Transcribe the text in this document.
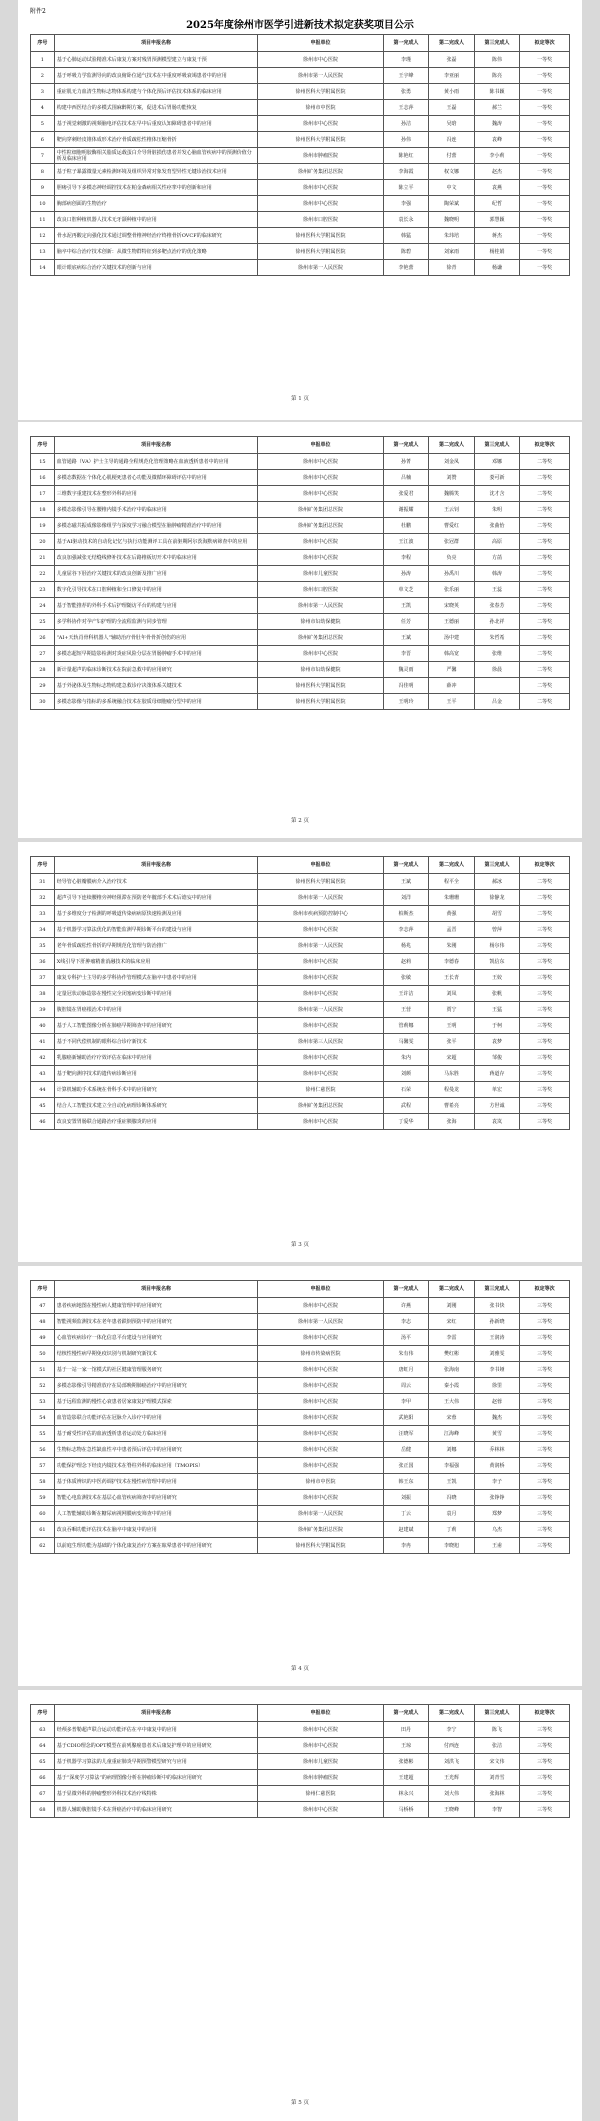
附件2
2025年度徐州市医学引进新技术拟定获奖项目公示
序号	项目申报名称	申报单位	第一完成人	第二完成人	第三完成人	拟定等次
1	基于心肺运动试验精准术后康复方案对残胃预测模型建立与康复干预	徐州市中心医院	李瑾	张磊	陈伟	一等奖
2	基于呼吸力学监测导向的改良俯卧位通气技术在中重度呼吸衰竭患者中的应用	徐州市第一人民医院	王宇峰	李亚丽	陈亮	一等奖
3	重症肌无力血清生物标志物体系构建与个体化预后评估技术体系的临床应用	徐州医科大学附属医院	张勇	黄小雨	陈书颖	一等奖
4	构建中西医结合的多模式围麻醉期方案，促进术后胃肠功能恢复	徐州市中医院	王志萍	王磊	郝兰	一等奖
5	基于视觉刺激的视频脑电评估技术在早中后重度认知障碍患者中的应用	徐州市中心医院	孙洁	吴晗	魏涛	一等奖
6	靶向穿刺经皮锥体成形术治疗骨质疏松性椎体压缩骨折	徐州医科大学附属医院	孙伟	冯连	袁峰	一等奖
7	中性粒细胞明胶酶相关脂质运载蛋白介导肾脏损伤患者并发心脑血管疾病中的预测价值分析及临床应用	徐州市肿瘤医院	陈艳红	付蕾	李小莉	一等奖
8	基于粒子暴露微量元素检测环境及组织异常对象发育型异性无键诊治技术应用	徐州矿务集团总医院	李海霞	权文娜	赵杰	一等奖
9	胆瘘引导下多模态神经调控技术在帕金森病相关性痉挛中的创新和应用	徐州市中心医院	陈立平	中文	袁燕	一等奖
10	胸部病创面的生物治疗	徐州市中心医院	李强	陶荣斌	纪哲	一等奖
11	改良口腔种植机器人技术无牙颌种植中的应用	徐州市口腔医院	袁长永	魏晓明	郭慧颖	一等奖
12	骨水泥再酸定向强化技术通过调整骨椎神经治疗终椎骨折OVCF的临床研究	徐州医科大学附属医院	韩猛	朱玮培	蒋杰	一等奖
13	脑卒中综合治疗技术创新：从微生物群特征到多靶点治疗的优化策略	徐州医科大学附属医院	陈碧	刘家雨	杨桂娟	一等奖
14	眼计眼底病综合治疗关键技术的创新与应用	徐州市第一人民医院	李艳蕾	徐青	杨谦	一等奖
第 1 页
序号	项目申报名称	申报单位	第一完成人	第二完成人	第三完成人	拟定等次
15	血管通路（VA）护士主导的通路全程规范化管理策略在血液透析患者中的应用	徐州市中心医院	孙菁	刘金凤	邓娜	二等奖
16	多模态数据在个体化心肌梗死患者心功能及微循环障碍评估中的应用	徐州市中心医院	吕楠	刘赞	娄可新	二等奖
17	三维数字重建技术在整形外科的应用	徐州市中心医院	张爱君	魏腾笑	沈才含	二等奖
18	多模态影像引导在腰椎内镜手术治疗中的临床应用	徐州矿务集团总医院	谢振耀	王云钊	朱明	二等奖
19	多模态磁共振成像影像组学与深度学习融合模型在脑肿瘤精准治疗中的应用	徐州矿务集团总医院	杜鹏	曹爱红	张曲怡	二等奖
20	基于AI驱动技术的自动化记忆与执行功能测评工具在前驱期阿尔茨海默病筛查中的应用	徐州市中心医院	王江波	张冠群	高原	二等奖
21	改良加强减张无结缝线修补技术在后路椎板切开术中的临床应用	徐州市中心医院	李程	负亮	方菡	二等奖
22	儿童屈谷下胫治疗关键技术的改良创新及推广应用	徐州市儿童医院	孙涛	孙禹川	韩涛	二等奖
23	数字化引导技术在口腔种植和全口修复中的应用	徐州市口腔医院	单文芝	张乐丽	王蕊	二等奖
24	基于智能推荐的外科手术后护理随访平台的构建与应用	徐州市第一人民医院	王凯	宋晓英	张春芳	二等奖
25	多学科协作对孕产妇护理的全流程监测与同步管理	徐州市妇幼保健院	任芳	王德丽	孙北祥	二等奖
26	“AI+天轨肖骨科机器人”辅助治疗骨肚年骨骨折创伤的应用	徐州矿务集团总医院	王斌	汤中建	朱哲希	二等奖
27	多模态超短早期造影检测对炎症风险分层在胃肠肿瘤手术中的应用	徐州市中心医院	李晋	韩高宽	张维	二等奖
28	新计量超声的临床诊断技术在院前急救中的应用研究	徐州市妇幼保健院	魏灵雨	严馨	徐晨	二等奖
29	基于外泌体及生物标志物构建急救诊疗决策体系关键技术	徐州医科大学附属医院	冯佳明	薛冲		二等奖
30	多模态影像与指标的多系统融合技术在胶质母细胞瘤分型中的应用	徐州医科大学附属医院	王明玲	王平	吕金	二等奖
第 2 页
序号	项目申报名称	申报单位	第一完成人	第二完成人	第三完成人	拟定等次
31	经导管心脏瓣膜病介入治疗技术	徐州医科大学附属医院	王斌	程平全	郝冰	二等奖
32	超声引导下连续腰椎旁神经阻滞在预防老年髋部手术术后谵妄中的应用	徐州市第一人民医院	刘洋	朱珊珊	徐静龙	二等奖
33	基于多维度分子检测的呼吸道传染病病原快速检测及应用	徐州市疾病预防控制中心	柏斯杰	黄强	胡雪	二等奖
34	基于机器学习算法优化的智能监测早期诊断平台的建设与应用	徐州市中心医院	李志萍	孟晋	曾萍	三等奖
35	老年骨质疏松性骨折的早期规范化管理与防治推广	徐州市第一人民医院	杨兆	朱刚	杨尔伟	三等奖
36	X线引导下肝肿瘤精准消融技术的临床应用	徐州市中心医院	赵莉	李德春	凯信东	三等奖
37	康复专科护士主导的多学科协作管理模式在脑卒中患者中的应用	徐州市中心医院	张敏	王长青	王姣	三等奖
38	定量冠状动脉造影在慢性完全闭塞病变诊断中的应用	徐州市中心医院	王许洁	刘凤	张帆	三等奖
39	腹腔镜在胃癌根治术中的应用	徐州市第一人民医院	王营	贾宁	王猛	三等奖
40	基于人工智能图像分析在肺癌早期筛查中的应用研究	徐州市中心医院	管莉娜	王明	于柯	三等奖
41	基于不同代偿机制的眼科综合诊疗新技术	徐州市第三人民医院	马馨雯	张平	袁梦	三等奖
42	乳腺癌新辅助治疗疗效评估在临床中的应用	徐州市中心医院	朱内	宋超	邹俊	三等奖
43	基于靶向测序技术的遗传病诊断应用	徐州市中心医院	刘颜	马东胜	蒋道存	三等奖
44	计算机辅助手术系统在骨科手术中的应用研究	徐州仁慈医院	石荣	程曼龙	单宏	三等奖
45	结合人工智能技术建立全自动化病理诊断体系研究	徐州矿务集团总医院	武程	曹希亮	方世诚	三等奖
46	改良安置胃肠联合通路治疗重症胰腺炎的应用	徐州市中心医院	丁爱华	张海	袁岚	三等奖
第 3 页
序号	项目申报名称	申报单位	第一完成人	第二完成人	第三完成人	拟定等次
47	患者疾病地图在慢性病人健康管理中的应用研究	徐州市中心医院	许燕	刘刚	张书快	三等奖
48	智能视频监测技术在老年患者跌倒预防中的应用研究	徐州市第一人民医院	李志	宋红	孙新晓	三等奖
49	心血管疾病诊疗一体化信息平台建设与应用研究	徐州市中心医院	汤平	李雷	王润涛	三等奖
50	结核性慢性病早期免疫识别与机制研究新技术	徐州市传染病医院	朱有伟	樊红彬	刘雅雯	三等奖
51	基于一站一家一馆模式的社区健康管理服务研究	徐州市中心医院	唐虹月	张海南	李书娅	三等奖
52	多模态影像引导精准放疗在局部晚期肺癌治疗中的应用研究	徐州市中心医院	周云	秦小霞	徐里	三等奖
53	基于远程监测的慢性心衰患者居家康复护理模式探索	徐州市中心医院	李甲	王大伟	赵蓉	三等奖
54	血管造影联合功能评估在冠脉介入诊疗中的应用	徐州市中心医院	武艳阳	宋蓉	魏杰	三等奖
55	基于耐受性评估的血液透析患者运动处方临床应用	徐州市中心医院	汪晓军	江海峰	黄雪	三等奖
56	生物标志物在急性缺血性卒中患者预后评估中的应用研究	徐州市中心医院	岳健	刘娜	乔林林	三等奖
57	功能保护理念下经皮内镜技术在脊柱外科的临床应用（TMOPIS）	徐州市中心医院	张正国	李福强	黄润桥	三等奖
58	基于体质辨识的中医药调护技术在慢性病管理中的应用	徐州市中医院	韩王东	王凯	李子	三等奖
59	智能心电监测技术在基层心血管疾病筛查中的应用研究	徐州市中心医院	刘振	冯晓	张铮铮	三等奖
60	人工智能辅助诊断在糖尿病视网膜病变筛查中的应用	徐州市第一人民医院	丁云	袁月	郑梦	三等奖
61	改良吞咽功能评估技术在脑卒中康复中的应用	徐州矿务集团总医院	赵建斌	丁莉	乌杰	三等奖
62	以前庭生理功能为基础的个体化康复治疗方案在眩晕患者中的应用研究	徐州医科大学附属医院	李冉	李晓旭	王甫	三等奖
第 4 页
序号	项目申报名称	申报单位	第一完成人	第二完成人	第三完成人	拟定等次
63	经颅多普勒超声联合运动功能评估在卒中康复中的应用	徐州市中心医院	田丹	李宁	陈飞	三等奖
64	基于CDIO理念的OPT模型在前列腺癌患者术后康复护理中的应用研究	徐州市中心医院	王琼	付西连	张洁	三等奖
65	基于机器学习算法的儿童重症肺炎早期预警模型研究与应用	徐州市儿童医院	张德彬	刘洪飞	宋文伟	三等奖
66	基于“深度学习算法”的病理图像分析在肿瘤诊断中的临床应用研究	徐州市肿瘤医院	王建超	王光辉	刘青雪	三等奖
67	基于显微外科的肿瘤整形外科技术治疗线特株	徐州仁慈医院	林永兴	刘大伟	张海林	三等奖
68	机器人辅助腹腔镜手术在肾癌治疗中的临床应用研究	徐州市中心医院	马桥桥	王晓峰	李智	三等奖
第 5 页
